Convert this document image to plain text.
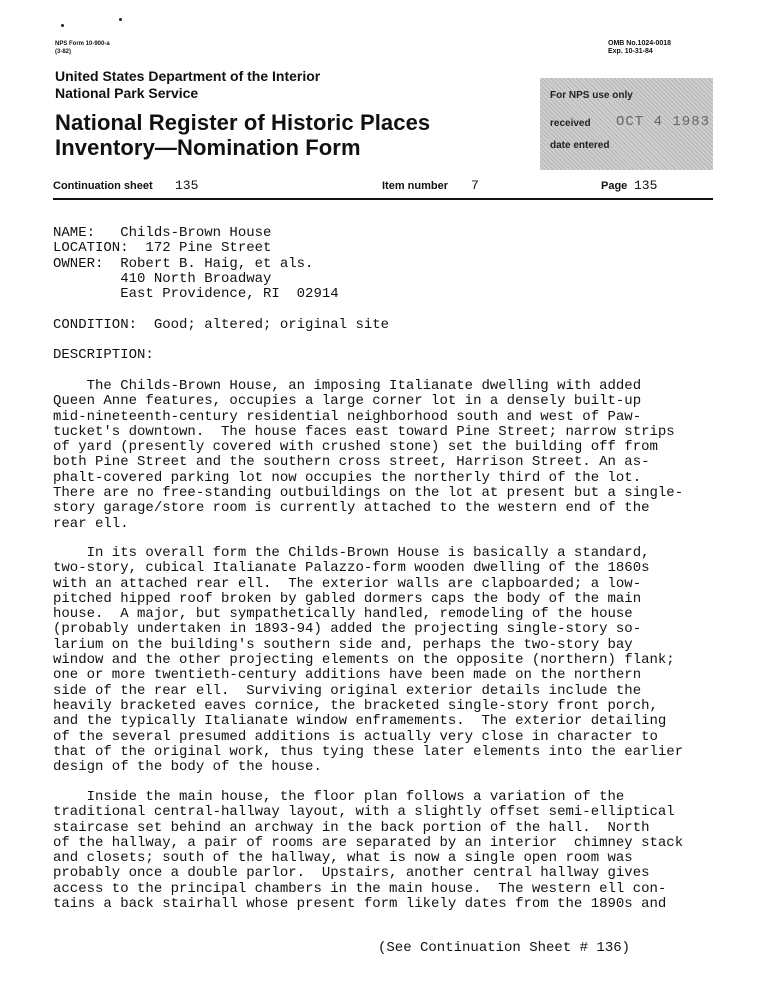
NPS Form 10-900-a
(3-82)
OMB No.1024-0018
Exp. 10-31-84
United States Department of the Interior
National Park Service
National Register of Historic Places
Inventory—Nomination Form
For NPS use only
received OCT 4 1983
date entered
Continuation sheet 135	Item number 7	Page 135
NAME:   Childs-Brown House
LOCATION:  172 Pine Street
OWNER:  Robert B. Haig, et als.
410 North Broadway
East Providence, RI  02914
CONDITION:  Good; altered; original site
DESCRIPTION:
The Childs-Brown House, an imposing Italianate dwelling with added
Queen Anne features, occupies a large corner lot in a densely built-up
mid-nineteenth-century residential neighborhood south and west of Paw-
tucket's downtown.  The house faces east toward Pine Street; narrow strips
of yard (presently covered with crushed stone) set the building off from
both Pine Street and the southern cross street, Harrison Street. An as-
phalt-covered parking lot now occupies the northerly third of the lot.
There are no free-standing outbuildings on the lot at present but a single-
story garage/store room is currently attached to the western end of the
rear ell.
In its overall form the Childs-Brown House is basically a standard,
two-story, cubical Italianate Palazzo-form wooden dwelling of the 1860s
with an attached rear ell.  The exterior walls are clapboarded; a low-
pitched hipped roof broken by gabled dormers caps the body of the main
house.  A major, but sympathetically handled, remodeling of the house
(probably undertaken in 1893-94) added the projecting single-story so-
larium on the building's southern side and, perhaps the two-story bay
window and the other projecting elements on the opposite (northern) flank;
one or more twentieth-century additions have been made on the northern
side of the rear ell.  Surviving original exterior details include the
heavily bracketed eaves cornice, the bracketed single-story front porch,
and the typically Italianate window enframements.  The exterior detailing
of the several presumed additions is actually very close in character to
that of the original work, thus tying these later elements into the earlier
design of the body of the house.
Inside the main house, the floor plan follows a variation of the
traditional central-hallway layout, with a slightly offset semi-elliptical
staircase set behind an archway in the back portion of the hall.  North
of the hallway, a pair of rooms are separated by an interior  chimney stack
and closets; south of the hallway, what is now a single open room was
probably once a double parlor.  Upstairs, another central hallway gives
access to the principal chambers in the main house.  The western ell con-
tains a back stairhall whose present form likely dates from the 1890s and
(See Continuation Sheet # 136)
